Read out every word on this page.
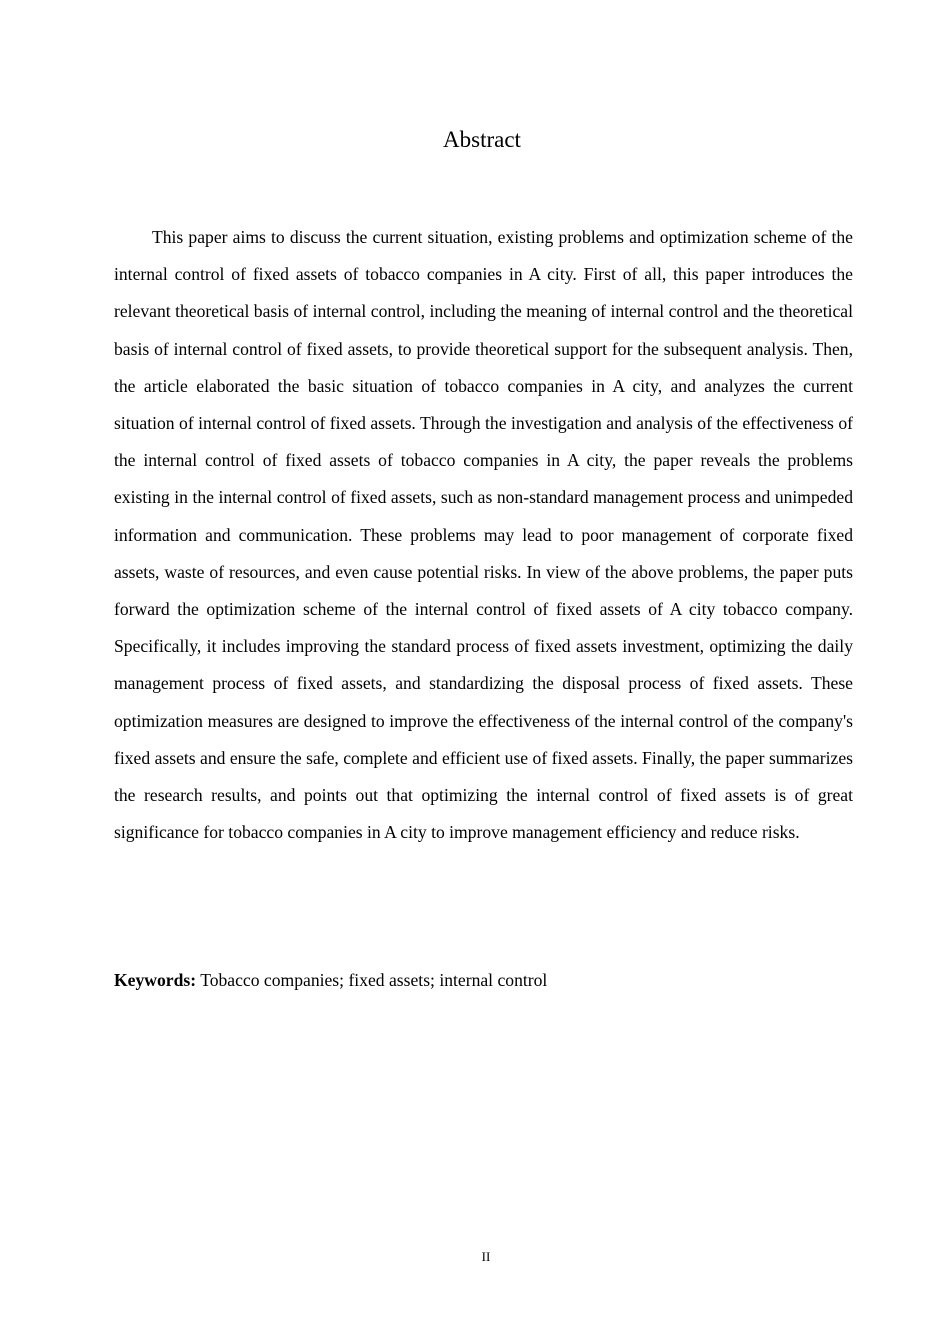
Abstract

This paper aims to discuss the current situation, existing problems and optimization scheme of the internal control of fixed assets of tobacco companies in A city. First of all, this paper introduces the relevant theoretical basis of internal control, including the meaning of internal control and the theoretical basis of internal control of fixed assets, to provide theoretical support for the subsequent analysis. Then, the article elaborated the basic situation of tobacco companies in A city, and analyzes the current situation of internal control of fixed assets. Through the investigation and analysis of the effectiveness of the internal control of fixed assets of tobacco companies in A city, the paper reveals the problems existing in the internal control of fixed assets, such as non-standard management process and unimpeded information and communication. These problems may lead to poor management of corporate fixed assets, waste of resources, and even cause potential risks. In view of the above problems, the paper puts forward the optimization scheme of the internal control of fixed assets of A city tobacco company. Specifically, it includes improving the standard process of fixed assets investment, optimizing the daily management process of fixed assets, and standardizing the disposal process of fixed assets. These optimization measures are designed to improve the effectiveness of the internal control of the company's fixed assets and ensure the safe, complete and efficient use of fixed assets. Finally, the paper summarizes the research results, and points out that optimizing the internal control of fixed assets is of great significance for tobacco companies in A city to improve management efficiency and reduce risks.

Keywords: Tobacco companies; fixed assets; internal control

II
